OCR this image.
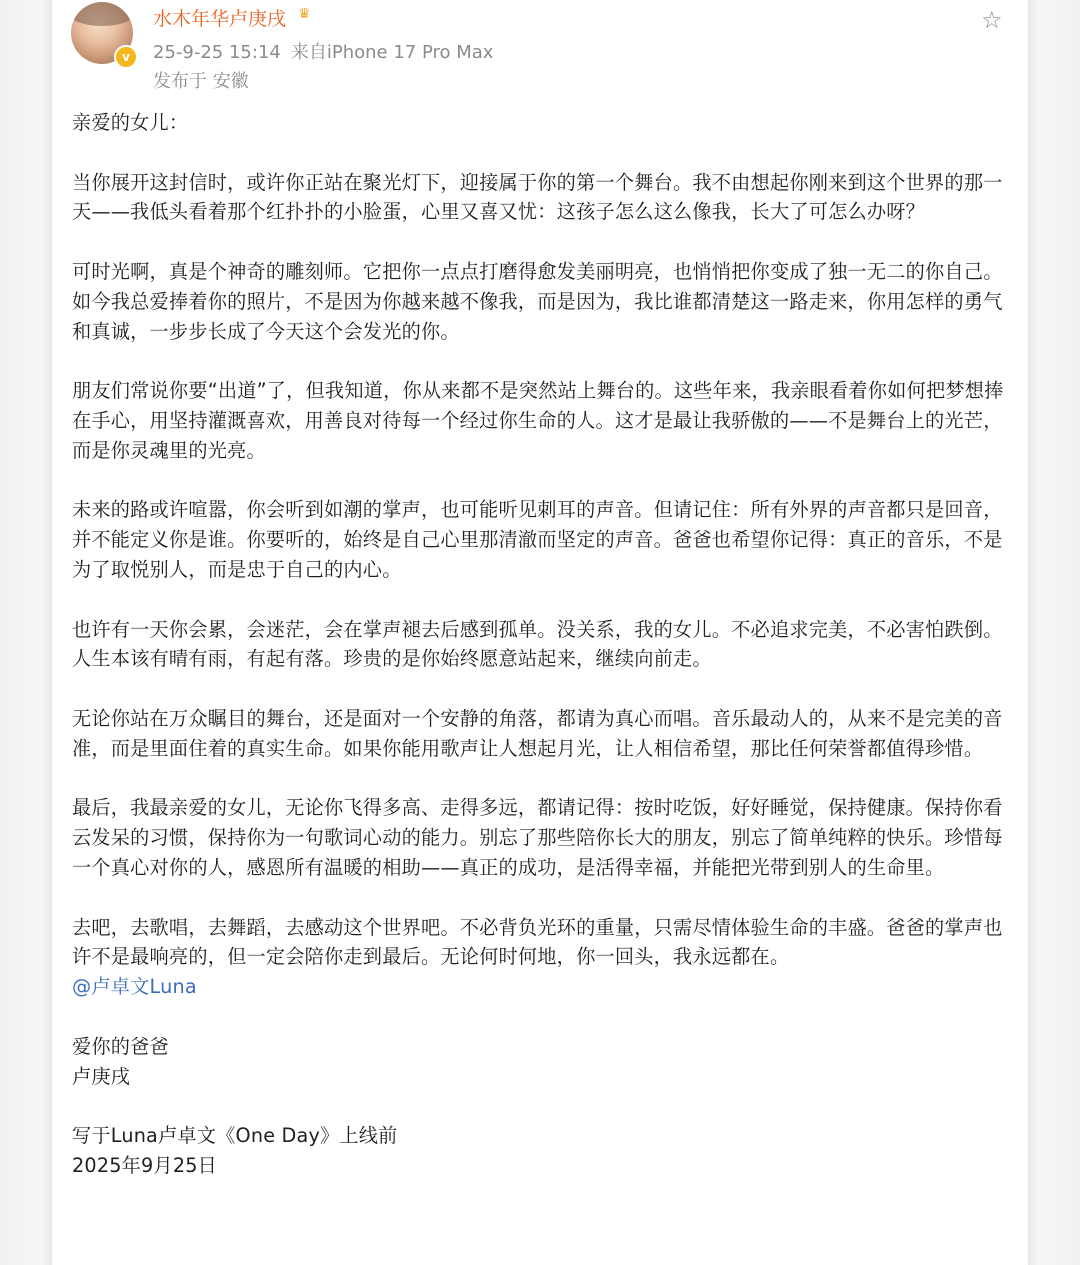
v
水木年华卢庚戌 ♛
25-9-25 15:14 来自iPhone 17 Pro Max
发布于 安徽
☆

亲爱的女儿：

当你展开这封信时，或许你正站在聚光灯下，迎接属于你的第一个舞台。我不由想起你刚来到这个世界的那一天——我低头看着那个红扑扑的小脸蛋，心里又喜又忧：这孩子怎么这么像我，长大了可怎么办呀？

可时光啊，真是个神奇的雕刻师。它把你一点点打磨得愈发美丽明亮，也悄悄把你变成了独一无二的你自己。如今我总爱捧着你的照片，不是因为你越来越不像我，而是因为，我比谁都清楚这一路走来，你用怎样的勇气和真诚，一步步长成了今天这个会发光的你。

朋友们常说你要“出道”了，但我知道，你从来都不是突然站上舞台的。这些年来，我亲眼看着你如何把梦想捧在手心，用坚持灌溉喜欢，用善良对待每一个经过你生命的人。这才是最让我骄傲的——不是舞台上的光芒，而是你灵魂里的光亮。

未来的路或许喧嚣，你会听到如潮的掌声，也可能听见刺耳的声音。但请记住：所有外界的声音都只是回音，并不能定义你是谁。你要听的，始终是自己心里那清澈而坚定的声音。爸爸也希望你记得：真正的音乐，不是为了取悦别人，而是忠于自己的内心。

也许有一天你会累，会迷茫，会在掌声褪去后感到孤单。没关系，我的女儿。不必追求完美，不必害怕跌倒。人生本该有晴有雨，有起有落。珍贵的是你始终愿意站起来，继续向前走。

无论你站在万众瞩目的舞台，还是面对一个安静的角落，都请为真心而唱。音乐最动人的，从来不是完美的音准，而是里面住着的真实生命。如果你能用歌声让人想起月光，让人相信希望，那比任何荣誉都值得珍惜。

最后，我最亲爱的女儿，无论你飞得多高、走得多远，都请记得：按时吃饭，好好睡觉，保持健康。保持你看云发呆的习惯，保持你为一句歌词心动的能力。别忘了那些陪你长大的朋友，别忘了简单纯粹的快乐。珍惜每一个真心对你的人，感恩所有温暖的相助——真正的成功，是活得幸福，并能把光带到别人的生命里。

去吧，去歌唱，去舞蹈，去感动这个世界吧。不必背负光环的重量，只需尽情体验生命的丰盛。爸爸的掌声也许不是最响亮的，但一定会陪你走到最后。无论何时何地，你一回头，我永远都在。

@卢卓文Luna

爱你的爸爸

卢庚戌

写于Luna卢卓文《One Day》上线前

2025年9月25日
